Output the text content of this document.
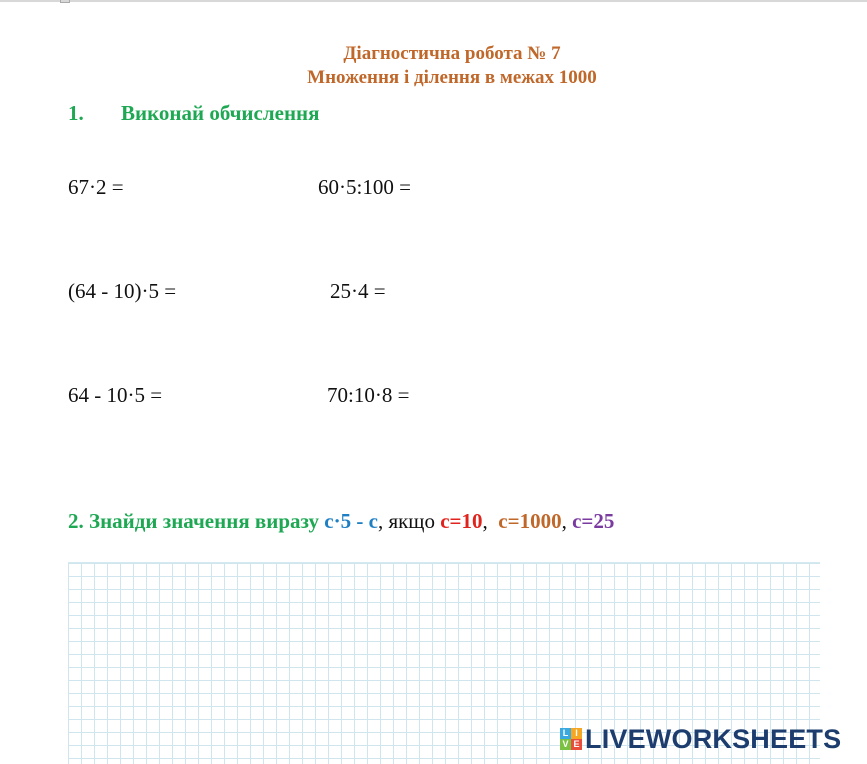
Діагностична робота № 7
Множення і ділення в межах 1000
1. Виконай обчислення
67·2 =	60·5:100 =
(64 - 10)·5 =	25·4 =
64 - 10·5 =	70:10·8 =
2. Знайди значення виразу с·5 - с, якщо с=10, с=1000, с=25
L I
V E LIVEWORKSHEETS
